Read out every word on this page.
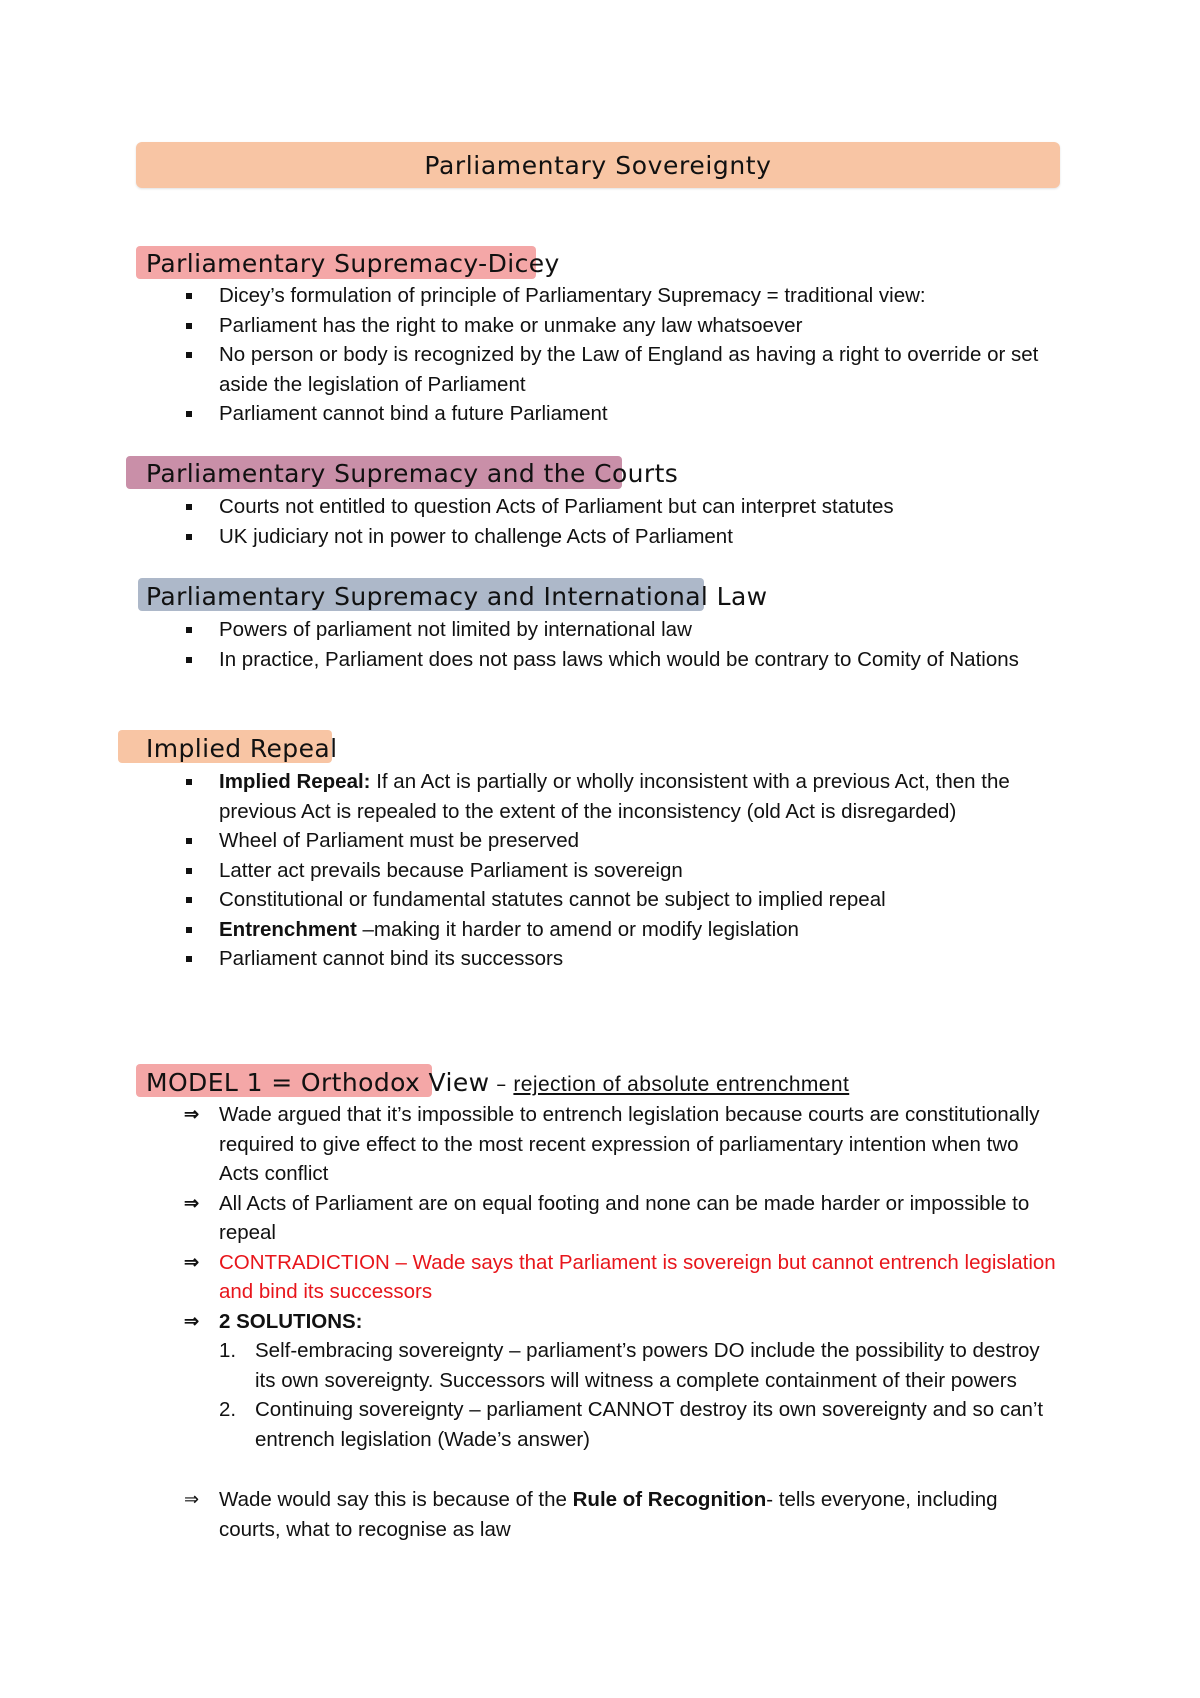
Parliamentary Sovereignty
Parliamentary Supremacy-Dicey
Dicey’s formulation of principle of Parliamentary Supremacy = traditional view:
Parliament has the right to make or unmake any law whatsoever
No person or body is recognized by the Law of England as having a right to override or set aside the legislation of Parliament
Parliament cannot bind a future Parliament
Parliamentary Supremacy and the Courts
Courts not entitled to question Acts of Parliament but can interpret statutes
UK judiciary not in power to challenge Acts of Parliament
Parliamentary Supremacy and International Law
Powers of parliament not limited by international law
In practice, Parliament does not pass laws which would be contrary to Comity of Nations
Implied Repeal
Implied Repeal: If an Act is partially or wholly inconsistent with a previous Act, then the previous Act is repealed to the extent of the inconsistency (old Act is disregarded)
Wheel of Parliament must be preserved
Latter act prevails because Parliament is sovereign
Constitutional or fundamental statutes cannot be subject to implied repeal
Entrenchment –making it harder to amend or modify legislation
Parliament cannot bind its successors
MODEL 1 = Orthodox View – rejection of absolute entrenchment
⇒ Wade argued that it’s impossible to entrench legislation because courts are constitutionally required to give effect to the most recent expression of parliamentary intention when two Acts conflict
⇒ All Acts of Parliament are on equal footing and none can be made harder or impossible to repeal
⇒ CONTRADICTION – Wade says that Parliament is sovereign but cannot entrench legislation and bind its successors
⇒ 2 SOLUTIONS:
1. Self-embracing sovereignty – parliament’s powers DO include the possibility to destroy its own sovereignty. Successors will witness a complete containment of their powers
2. Continuing sovereignty – parliament CANNOT destroy its own sovereignty and so can’t entrench legislation (Wade’s answer)
⇒ Wade would say this is because of the Rule of Recognition- tells everyone, including courts, what to recognise as law
